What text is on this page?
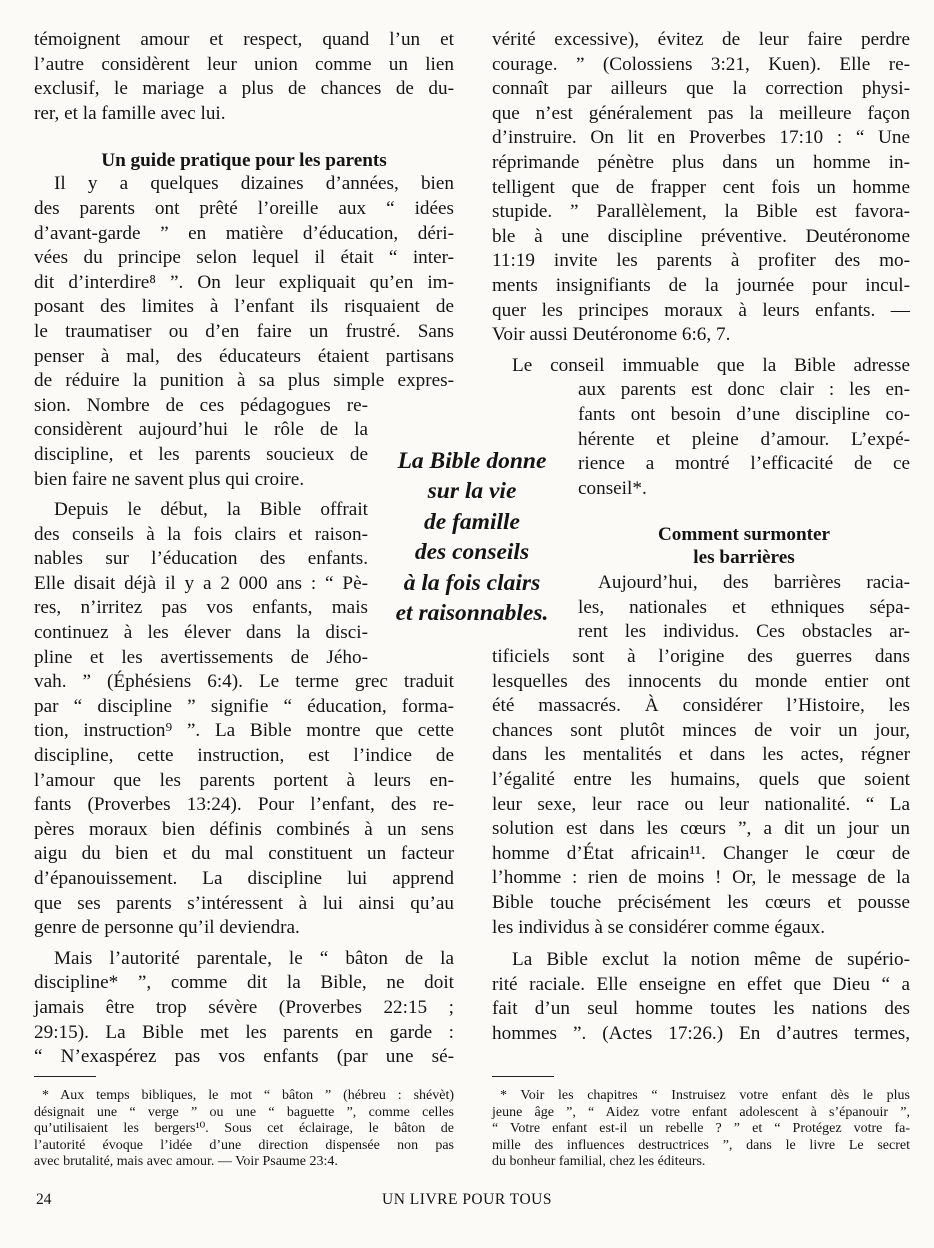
témoignent amour et respect, quand l’un et
l’autre considèrent leur union comme un lien
exclusif, le mariage a plus de chances de du-
rer, et la famille avec lui.
Un guide pratique pour les parents
Il y a quelques dizaines d’années, bien
des parents ont prêté l’oreille aux “ idées
d’avant-garde ” en matière d’éducation, déri-
vées du principe selon lequel il était “ inter-
dit d’interdire⁸ ”. On leur expliquait qu’en im-
posant des limites à l’enfant ils risquaient de
le traumatiser ou d’en faire un frustré. Sans
penser à mal, des éducateurs étaient partisans
de réduire la punition à sa plus simple expres-
sion. Nombre de ces pédagogues re-
considèrent aujourd’hui le rôle de la
discipline, et les parents soucieux de
bien faire ne savent plus qui croire.
Depuis le début, la Bible offrait
des conseils à la fois clairs et raison-
nables sur l’éducation des enfants.
Elle disait déjà il y a 2 000 ans : “ Pè-
res, n’irritez pas vos enfants, mais
continuez à les élever dans la disci-
pline et les avertissements de Jého-
vah. ” (Éphésiens 6:4). Le terme grec traduit
par “ discipline ” signifie “ éducation, forma-
tion, instruction⁹ ”. La Bible montre que cette
discipline, cette instruction, est l’indice de
l’amour que les parents portent à leurs en-
fants (Proverbes 13:24). Pour l’enfant, des re-
pères moraux bien définis combinés à un sens
aigu du bien et du mal constituent un facteur
d’épanouissement. La discipline lui apprend
que ses parents s’intéressent à lui ainsi qu’au
genre de personne qu’il deviendra.
Mais l’autorité parentale, le “ bâton de la
discipline* ”, comme dit la Bible, ne doit
jamais être trop sévère (Proverbes 22:15 ;
29:15). La Bible met les parents en garde :
“ N’exaspérez pas vos enfants (par une sé-
La Bible donne
sur la vie
de famille
des conseils
à la fois clairs
et raisonnables.
vérité excessive), évitez de leur faire perdre
courage. ” (Colossiens 3:21, Kuen). Elle re-
connaît par ailleurs que la correction physi-
que n’est généralement pas la meilleure façon
d’instruire. On lit en Proverbes 17:10 : “ Une
réprimande pénètre plus dans un homme in-
telligent que de frapper cent fois un homme
stupide. ” Parallèlement, la Bible est favora-
ble à une discipline préventive. Deutéronome
11:19 invite les parents à profiter des mo-
ments insignifiants de la journée pour incul-
quer les principes moraux à leurs enfants. —
Voir aussi Deutéronome 6:6, 7.
Le conseil immuable que la Bible adresse
aux parents est donc clair : les en-
fants ont besoin d’une discipline co-
hérente et pleine d’amour. L’expé-
rience a montré l’efficacité de ce
conseil*.
Comment surmonter
les barrières
Aujourd’hui, des barrières racia-
les, nationales et ethniques sépa-
rent les individus. Ces obstacles ar-
tificiels sont à l’origine des guerres dans
lesquelles des innocents du monde entier ont
été massacrés. À considérer l’Histoire, les
chances sont plutôt minces de voir un jour,
dans les mentalités et dans les actes, régner
l’égalité entre les humains, quels que soient
leur sexe, leur race ou leur nationalité. “ La
solution est dans les cœurs ”, a dit un jour un
homme d’État africain¹¹. Changer le cœur de
l’homme : rien de moins ! Or, le message de la
Bible touche précisément les cœurs et pousse
les individus à se considérer comme égaux.
La Bible exclut la notion même de supério-
rité raciale. Elle enseigne en effet que Dieu “ a
fait d’un seul homme toutes les nations des
hommes ”. (Actes 17:26.) En d’autres termes,
* Aux temps bibliques, le mot “ bâton ” (hébreu : shévèt)
désignait une “ verge ” ou une “ baguette ”, comme celles
qu’utilisaient les bergers¹⁰. Sous cet éclairage, le bâton de
l’autorité évoque l’idée d’une direction dispensée non pas
avec brutalité, mais avec amour. — Voir Psaume 23:4.
* Voir les chapitres “ Instruisez votre enfant dès le plus
jeune âge ”, “ Aidez votre enfant adolescent à s’épanouir ”,
“ Votre enfant est-il un rebelle ? ” et “ Protégez votre fa-
mille des influences destructrices ”, dans le livre Le secret
du bonheur familial, chez les éditeurs.
24	UN LIVRE POUR TOUS
